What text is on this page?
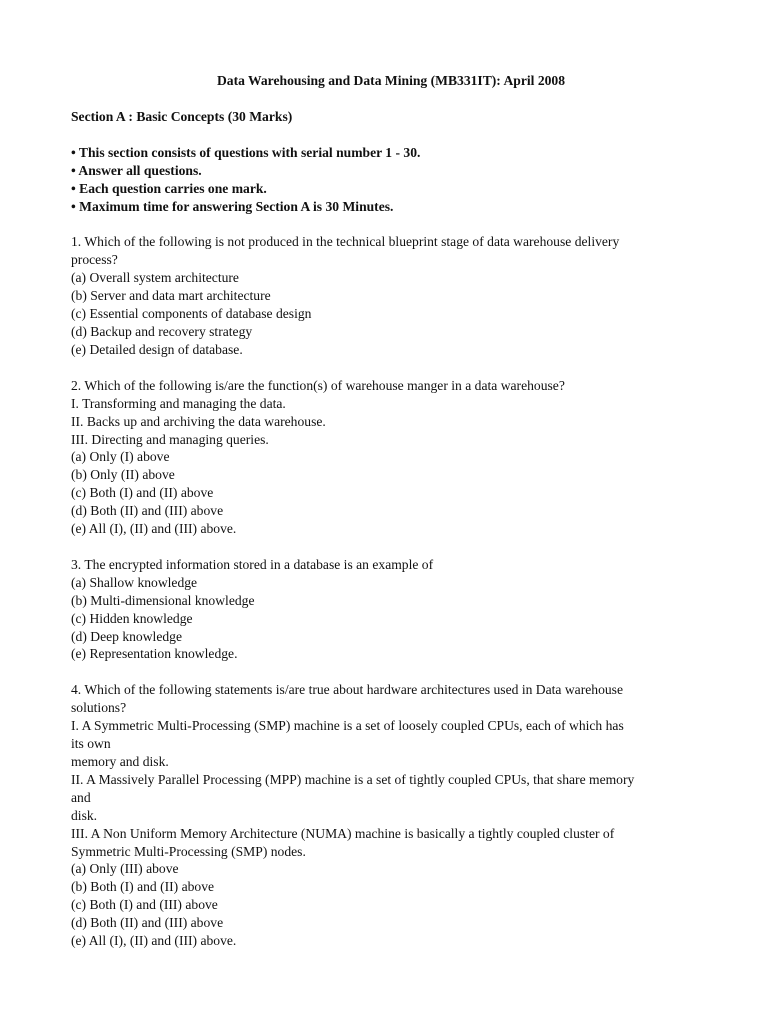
Data Warehousing and Data Mining (MB331IT): April 2008
Section A : Basic Concepts (30 Marks)
• This section consists of questions with serial number 1 - 30.
• Answer all questions.
• Each question carries one mark.
• Maximum time for answering Section A is 30 Minutes.
1. Which of the following is not produced in the technical blueprint stage of data warehouse delivery
process?
(a) Overall system architecture
(b) Server and data mart architecture
(c) Essential components of database design
(d) Backup and recovery strategy
(e) Detailed design of database.
2. Which of the following is/are the function(s) of warehouse manger in a data warehouse?
I. Transforming and managing the data.
II. Backs up and archiving the data warehouse.
III. Directing and managing queries.
(a) Only (I) above
(b) Only (II) above
(c) Both (I) and (II) above
(d) Both (II) and (III) above
(e) All (I), (II) and (III) above.
3. The encrypted information stored in a database is an example of
(a) Shallow knowledge
(b) Multi-dimensional knowledge
(c) Hidden knowledge
(d) Deep knowledge
(e) Representation knowledge.
4. Which of the following statements is/are true about hardware architectures used in Data warehouse
solutions?
I. A Symmetric Multi-Processing (SMP) machine is a set of loosely coupled CPUs, each of which has
its own
memory and disk.
II. A Massively Parallel Processing (MPP) machine is a set of tightly coupled CPUs, that share memory
and
disk.
III. A Non Uniform Memory Architecture (NUMA) machine is basically a tightly coupled cluster of
Symmetric Multi-Processing (SMP) nodes.
(a) Only (III) above
(b) Both (I) and (II) above
(c) Both (I) and (III) above
(d) Both (II) and (III) above
(e) All (I), (II) and (III) above.
